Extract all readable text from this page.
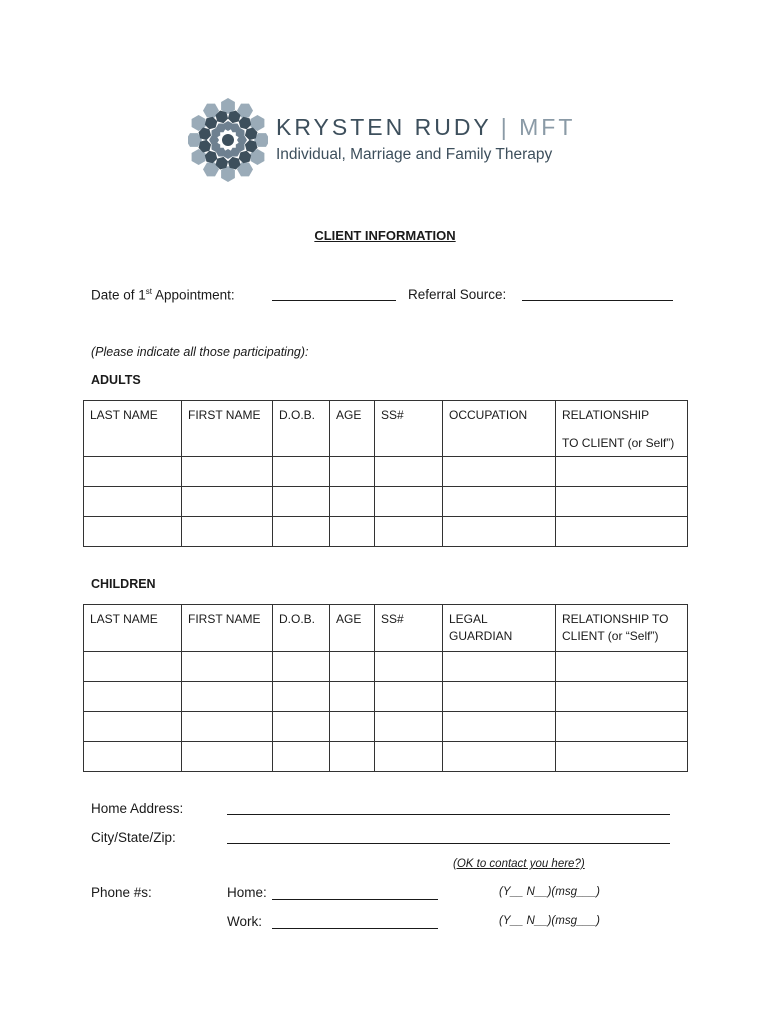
KRYSTEN RUDY | MFT
Individual, Marriage and Family Therapy
CLIENT INFORMATION
Date of 1st Appointment:	Referral Source:
(Please indicate all those participating):
ADULTS
LAST NAME	FIRST NAME	D.O.B.	AGE	SS#	OCCUPATION	RELATIONSHIP
TO CLIENT (or Self”)

CHILDREN
LAST NAME	FIRST NAME	D.O.B.	AGE	SS#	LEGAL GUARDIAN	RELATIONSHIP TO CLIENT (or “Self”)

Home Address:
City/State/Zip:
(OK to contact you here?)
Phone #s:	Home:	(Y__ N__)(msg___)
Work:	(Y__ N__)(msg___)
